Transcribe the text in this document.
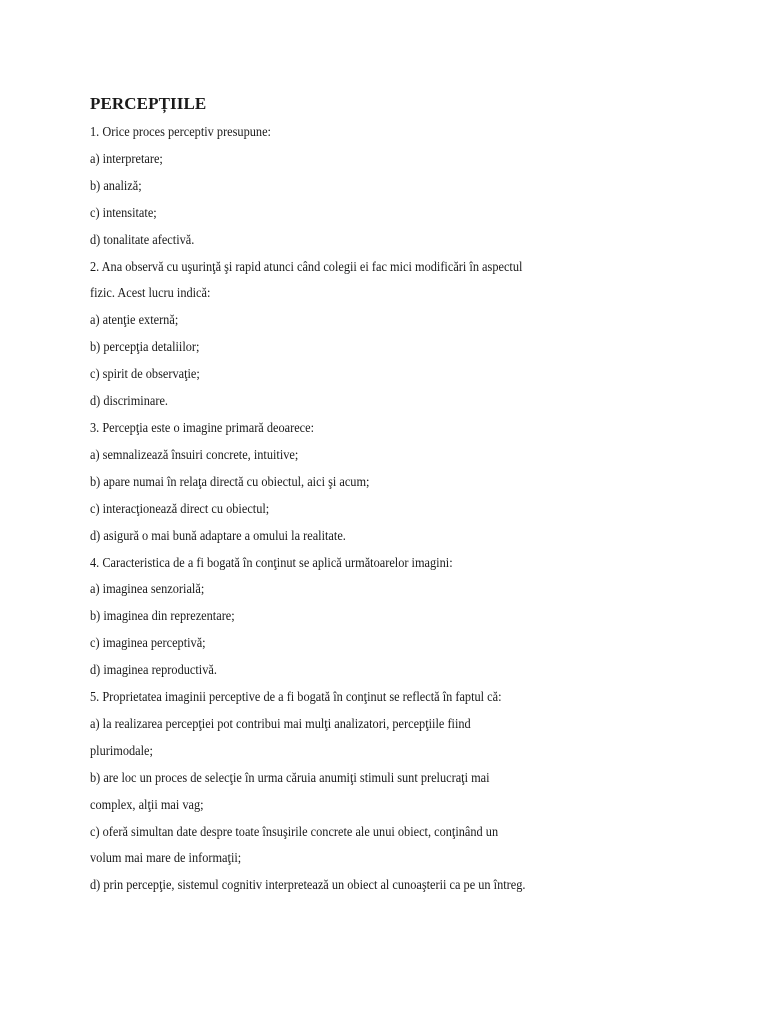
PERCEPȚIILE
1. Orice proces perceptiv presupune:
a) interpretare;
b) analiză;
c) intensitate;
d) tonalitate afectivă.
2. Ana observă cu uşurinţă şi rapid atunci când colegii ei fac mici modificări în aspectul
fizic. Acest lucru indică:
a) atenţie externă;
b) percepţia detaliilor;
c) spirit de observaţie;
d) discriminare.
3. Percepţia este o imagine primară deoarece:
a) semnalizează însuiri concrete, intuitive;
b) apare numai în relaţa directă cu obiectul, aici şi acum;
c) interacţionează direct cu obiectul;
d) asigură o mai bună adaptare a omului la realitate.
4. Caracteristica de a fi bogată în conţinut se aplică următoarelor imagini:
a) imaginea senzorială;
b) imaginea din reprezentare;
c) imaginea perceptivă;
d) imaginea reproductivă.
5. Proprietatea imaginii perceptive de a fi bogată în conţinut se reflectă în faptul că:
a) la realizarea percepţiei pot contribui mai mulţi analizatori, percepţiile fiind
plurimodale;
b) are loc un proces de selecţie în urma căruia anumiţi stimuli sunt prelucraţi mai
complex, alţii mai vag;
c) oferă simultan date despre toate însuşirile concrete ale unui obiect, conţinând un
volum mai mare de informaţii;
d) prin percepţie, sistemul cognitiv interpretează un obiect al cunoaşterii ca pe un întreg.
